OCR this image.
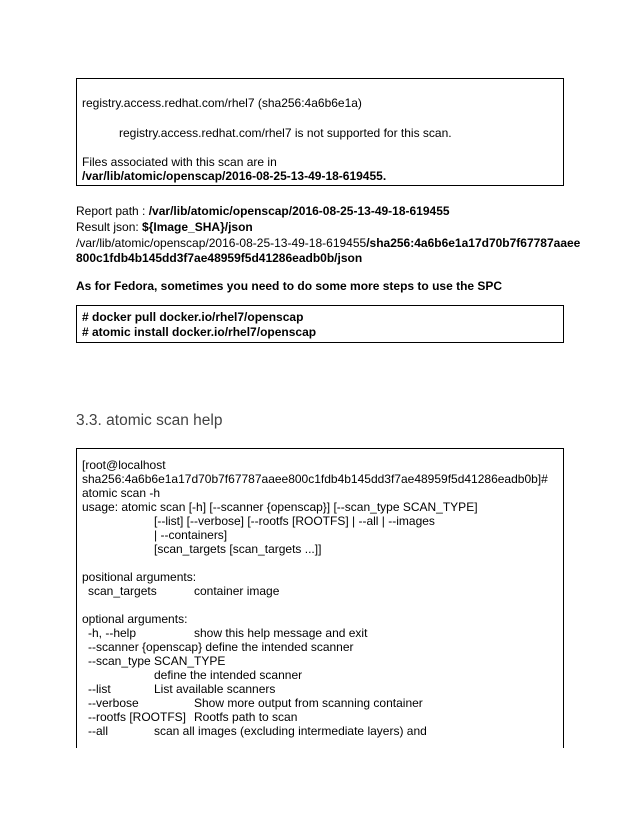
registry.access.redhat.com/rhel7 (sha256:4a6b6e1a)
registry.access.redhat.com/rhel7 is not supported for this scan.
Files associated with this scan are in
/var/lib/atomic/openscap/2016-08-25-13-49-18-619455.
Report path : /var/lib/atomic/openscap/2016-08-25-13-49-18-619455
Result json: ${Image_SHA}/json
/var/lib/atomic/openscap/2016-08-25-13-49-18-619455/sha256:4a6b6e1a17d70b7f67787aaee
800c1fdb4b145dd3f7ae48959f5d41286eadb0b/json
As for Fedora, sometimes you need to do some more steps to use the SPC
# docker pull docker.io/rhel7/openscap
# atomic install docker.io/rhel7/openscap
3.3. atomic scan help
[root@localhost
sha256:4a6b6e1a17d70b7f67787aaee800c1fdb4b145dd3f7ae48959f5d41286eadb0b]#
atomic scan -h
usage: atomic scan [-h] [--scanner {openscap}] [--scan_type SCAN_TYPE]
[--list] [--verbose] [--rootfs [ROOTFS] | --all | --images
| --containers]
[scan_targets [scan_targets ...]]
positional arguments:
scan_targets	container image
optional arguments:
-h, --help	show this help message and exit
--scanner {openscap} define the intended scanner
--scan_type SCAN_TYPE
define the intended scanner
--list	List available scanners
--verbose	Show more output from scanning container
--rootfs [ROOTFS] Rootfs path to scan
--all	scan all images (excluding intermediate layers) and
